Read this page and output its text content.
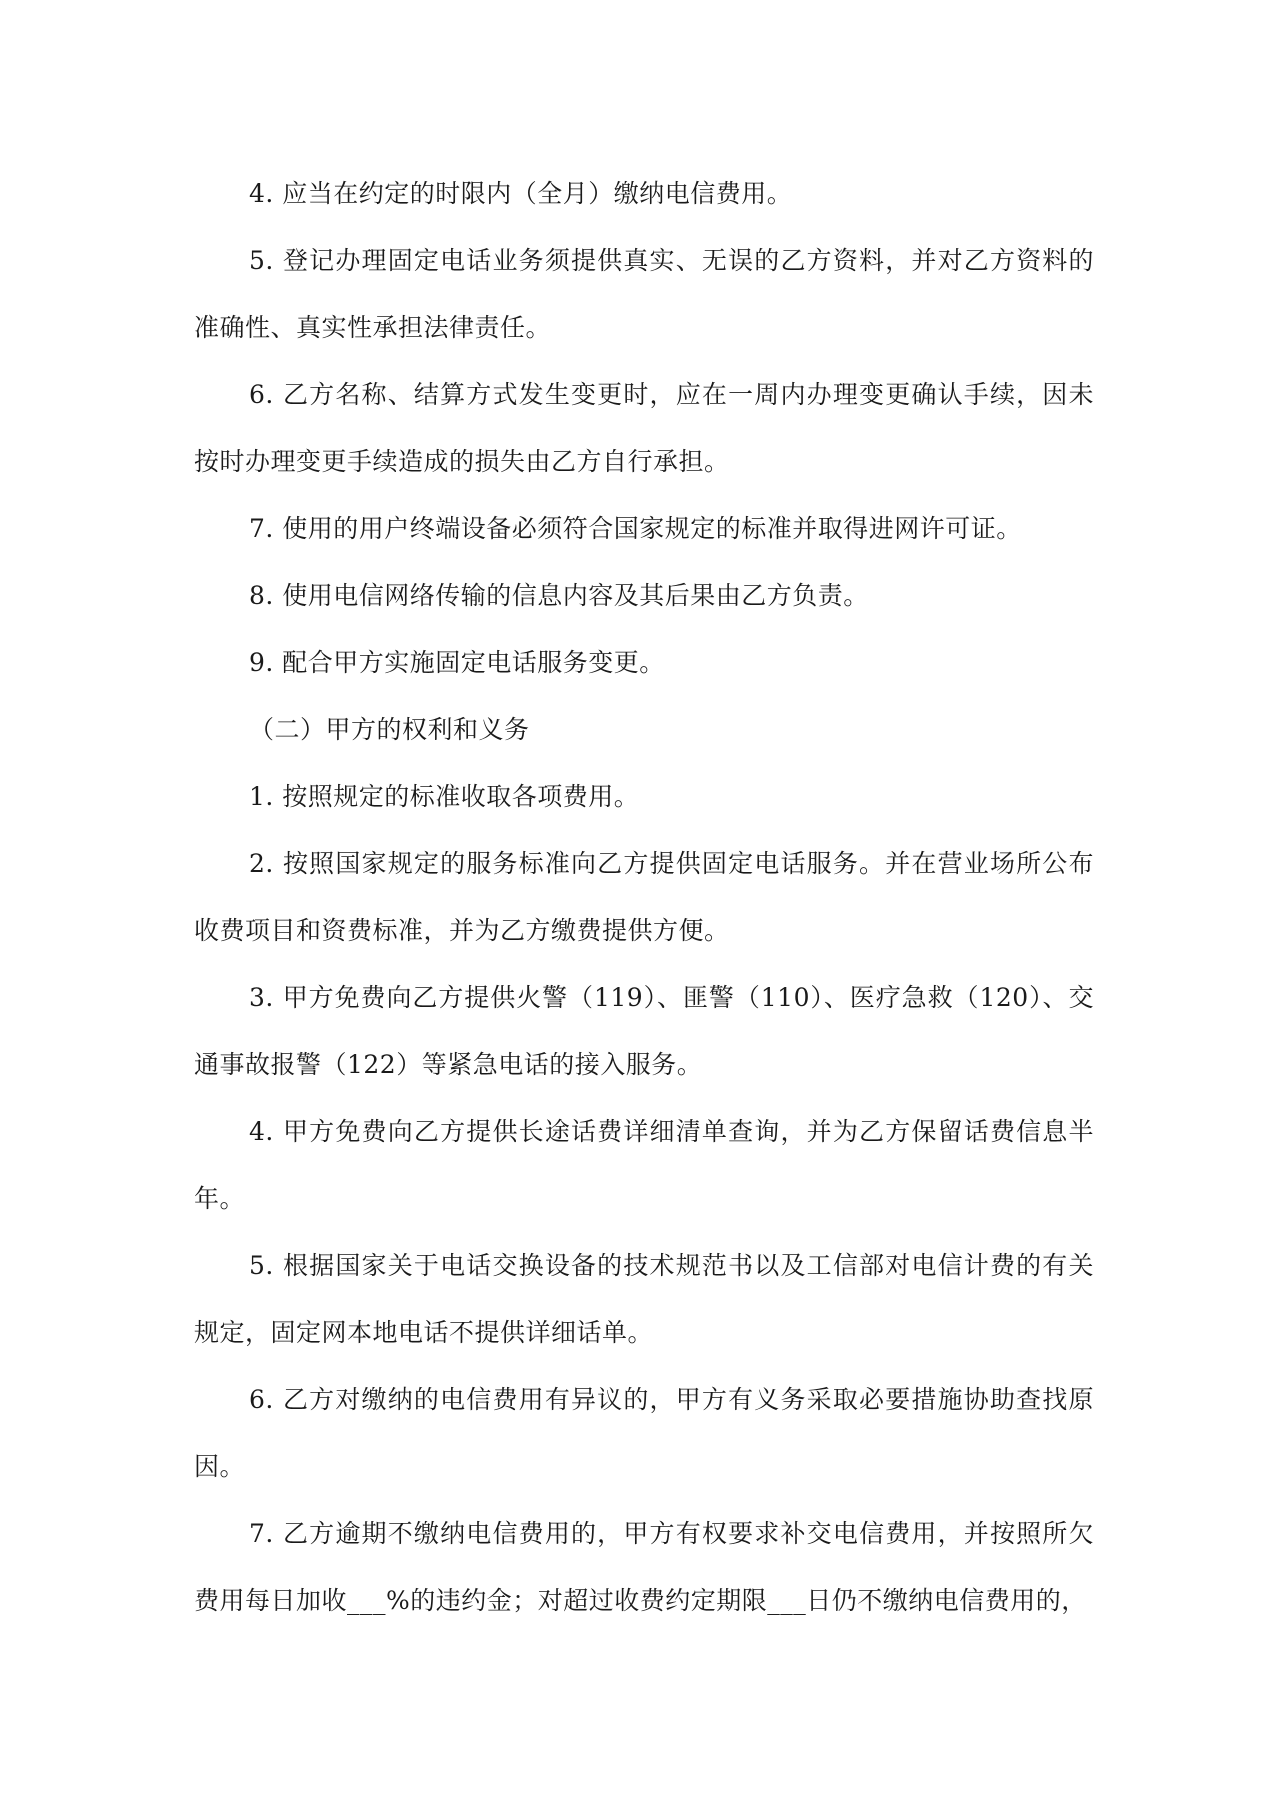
4. 应当在约定的时限内（全月）缴纳电信费用。

5. 登记办理固定电话业务须提供真实、无误的乙方资料，并对乙方资料的准确性、真实性承担法律责任。

6. 乙方名称、结算方式发生变更时，应在一周内办理变更确认手续，因未按时办理变更手续造成的损失由乙方自行承担。

7. 使用的用户终端设备必须符合国家规定的标准并取得进网许可证。

8. 使用电信网络传输的信息内容及其后果由乙方负责。

9. 配合甲方实施固定电话服务变更。

（二）甲方的权利和义务

1. 按照规定的标准收取各项费用。

2. 按照国家规定的服务标准向乙方提供固定电话服务。并在营业场所公布收费项目和资费标准，并为乙方缴费提供方便。

3. 甲方免费向乙方提供火警（119）、匪警（110）、医疗急救（120）、交通事故报警（122）等紧急电话的接入服务。

4. 甲方免费向乙方提供长途话费详细清单查询，并为乙方保留话费信息半年。

5. 根据国家关于电话交换设备的技术规范书以及工信部对电信计费的有关规定，固定网本地电话不提供详细话单。

6. 乙方对缴纳的电信费用有异议的，甲方有义务采取必要措施协助查找原因。

7. 乙方逾期不缴纳电信费用的，甲方有权要求补交电信费用，并按照所欠费用每日加收___%的违约金；对超过收费约定期限___日仍不缴纳电信费用的，
